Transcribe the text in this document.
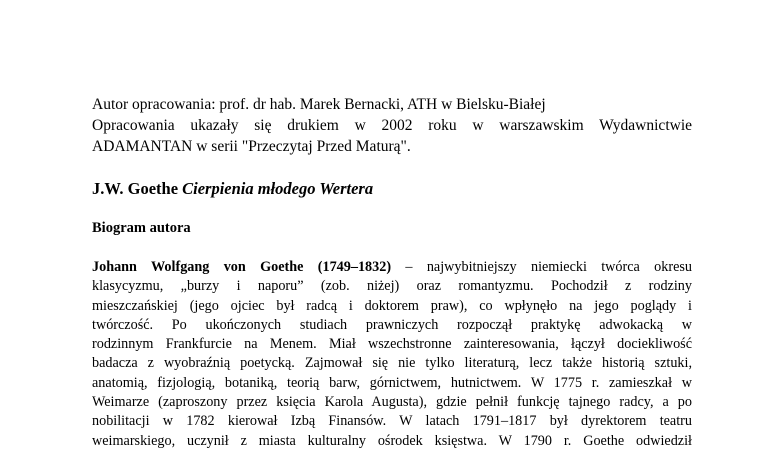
Autor opracowania: prof. dr hab. Marek Bernacki, ATH w Bielsku-Białej
Opracowania ukazały się drukiem w 2002 roku w warszawskim Wydawnictwie
ADAMANTAN w serii "Przeczytaj Przed Maturą".
J.W. Goethe Cierpienia młodego Wertera
Biogram autora
Johann Wolfgang von Goethe (1749–1832) – najwybitniejszy niemiecki twórca okresu
klasycyzmu, „burzy i naporu” (zob. niżej) oraz romantyzmu. Pochodził z rodziny
mieszczańskiej (jego ojciec był radcą i doktorem praw), co wpłynęło na jego poglądy i
twórczość. Po ukończonych studiach prawniczych rozpoczął praktykę adwokacką w
rodzinnym Frankfurcie na Menem. Miał wszechstronne zainteresowania, łączył dociekliwość
badacza z wyobraźnią poetycką. Zajmował się nie tylko literaturą, lecz także historią sztuki,
anatomią, fizjologią, botaniką, teorią barw, górnictwem, hutnictwem. W 1775 r. zamieszkał w
Weimarze (zaproszony przez księcia Karola Augusta), gdzie pełnił funkcję tajnego radcy, a po
nobilitacji w 1782 kierował Izbą Finansów. W latach 1791–1817 był dyrektorem teatru
weimarskiego, uczynił z miasta kulturalny ośrodek księstwa. W 1790 r. Goethe odwiedził
